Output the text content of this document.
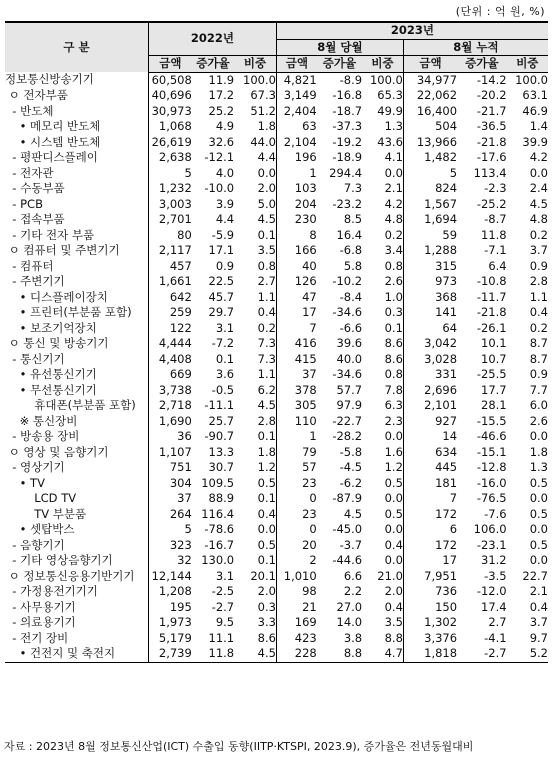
(단위 : 억 원, %)
구 분	2022년			2023년					
				8월 당월			8월 누적		
	금액	증가율	비중	금액	증가율	비중	금액	증가율	비중
정보통신방송기기	60,508	11.9	100.0	4,821	-8.9	100.0	34,977	-14.2	100.0
ㅇ 전자부품	40,696	17.2	67.3	3,149	-16.8	65.3	22,062	-20.2	63.1
- 반도체	30,973	25.2	51.2	2,404	-18.7	49.9	16,400	-21.7	46.9
• 메모리 반도체	1,068	4.9	1.8	63	-37.3	1.3	504	-36.5	1.4
• 시스템 반도체	26,619	32.6	44.0	2,104	-19.2	43.6	13,966	-21.8	39.9
- 평판디스플레이	2,638	-12.1	4.4	196	-18.9	4.1	1,482	-17.6	4.2
- 전자관	5	4.0	0.0	1	294.4	0.0	5	113.4	0.0
- 수동부품	1,232	-10.0	2.0	103	7.3	2.1	824	-2.3	2.4
- PCB	3,003	3.9	5.0	204	-23.2	4.2	1,567	-25.2	4.5
- 접속부품	2,701	4.4	4.5	230	8.5	4.8	1,694	-8.7	4.8
- 기타 전자 부품	80	-5.9	0.1	8	16.4	0.2	59	11.8	0.2
ㅇ 컴퓨터 및 주변기기	2,117	17.1	3.5	166	-6.8	3.4	1,288	-7.1	3.7
- 컴퓨터	457	0.9	0.8	40	5.8	0.8	315	6.4	0.9
- 주변기기	1,661	22.5	2.7	126	-10.2	2.6	973	-10.8	2.8
• 디스플레이장치	642	45.7	1.1	47	-8.4	1.0	368	-11.7	1.1
• 프린터(부분품 포함)	259	29.7	0.4	17	-34.6	0.3	141	-21.8	0.4
• 보조기억장치	122	3.1	0.2	7	-6.6	0.1	64	-26.1	0.2
ㅇ 통신 및 방송기기	4,444	-7.2	7.3	416	39.6	8.6	3,042	10.1	8.7
- 통신기기	4,408	0.1	7.3	415	40.0	8.6	3,028	10.7	8.7
• 유선통신기기	669	3.6	1.1	37	-34.6	0.8	331	-25.5	0.9
• 무선통신기기	3,738	-0.5	6.2	378	57.7	7.8	2,696	17.7	7.7
휴대폰(부분품 포함)	2,718	-11.1	4.5	305	97.9	6.3	2,101	28.1	6.0
※ 통신장비	1,690	25.7	2.8	110	-22.7	2.3	927	-15.5	2.6
- 방송용 장비	36	-90.7	0.1	1	-28.2	0.0	14	-46.6	0.0
ㅇ 영상 및 음향기기	1,107	13.3	1.8	79	-5.8	1.6	634	-15.1	1.8
- 영상기기	751	30.7	1.2	57	-4.5	1.2	445	-12.8	1.3
• TV	304	109.5	0.5	23	-6.2	0.5	181	-16.0	0.5
LCD TV	37	88.9	0.1	0	-87.9	0.0	7	-76.5	0.0
TV 부분품	264	116.4	0.4	23	4.5	0.5	172	-7.6	0.5
• 셋탑박스	5	-78.6	0.0	0	-45.0	0.0	6	106.0	0.0
- 음향기기	323	-16.7	0.5	20	-3.7	0.4	172	-23.1	0.5
- 기타 영상음향기기	32	130.0	0.1	2	-44.6	0.0	17	31.2	0.0
ㅇ 정보통신응용기반기기	12,144	3.1	20.1	1,010	6.6	21.0	7,951	-3.5	22.7
- 가정용전기기기	1,208	-2.5	2.0	98	2.2	2.0	736	-12.0	2.1
- 사무용기기	195	-2.7	0.3	21	27.0	0.4	150	17.4	0.4
- 의료용기기	1,973	9.5	3.3	169	14.0	3.5	1,302	2.7	3.7
- 전기 장비	5,179	11.1	8.6	423	3.8	8.8	3,376	-4.1	9.7
• 건전지 및 축전지	2,739	11.8	4.5	228	8.8	4.7	1,818	-2.7	5.2
자료 : 2023년 8월 정보통신산업(ICT) 수출입 동향(IITP·KTSPI, 2023.9), 증가율은 전년동월대비
